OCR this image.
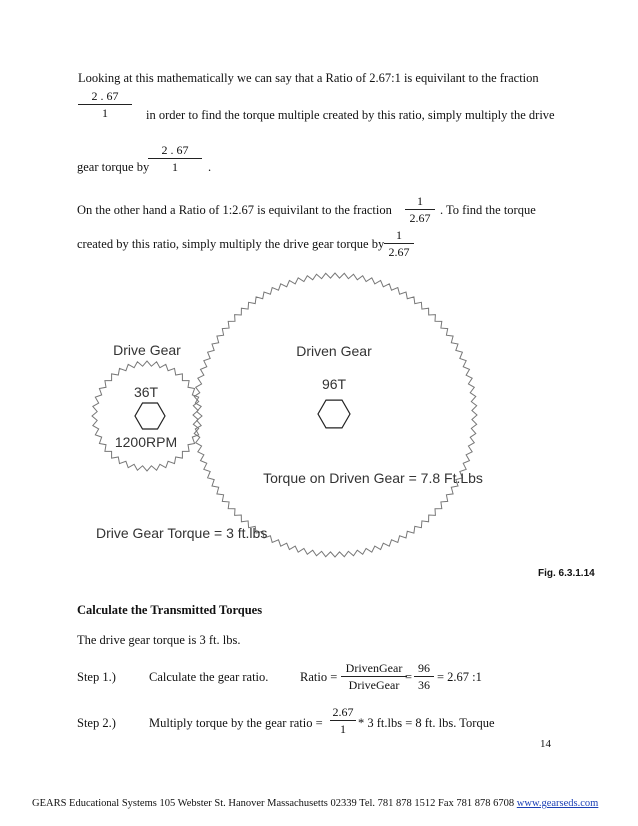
Looking at this mathematically we can say that a Ratio of 2.67:1 is equivilant to the fraction
2 . 67
1	in order to find the torque multiple created by this ratio, simply multiply the drive
2 . 67
1
gear torque by	.
On the other hand a Ratio of 1:2.67 is equivilant to the fraction
1
2.67
. To find the torque
created by this ratio, simply multiply the drive gear torque by
1
2.67
Drive Gear
36T
1200RPM
Driven Gear
96T
Torque on Driven Gear = 7.8 Ft.Lbs
Drive Gear Torque = 3 ft.lbs
Fig. 6.3.1.14
Calculate the Transmitted Torques
The drive gear torque is 3 ft. lbs.
Step 1.)	Calculate the gear ratio.	Ratio =
DrivenGear
DriveGear
=
96
36
= 2.67 :1
Step 2.)	Multiply torque by the gear ratio =
2.67
1 * 3 ft.lbs = 8 ft. lbs. Torque
14
GEARS Educational Systems 105 Webster St. Hanover Massachusetts 02339 Tel. 781 878 1512 Fax 781 878 6708 www.gearseds.com
